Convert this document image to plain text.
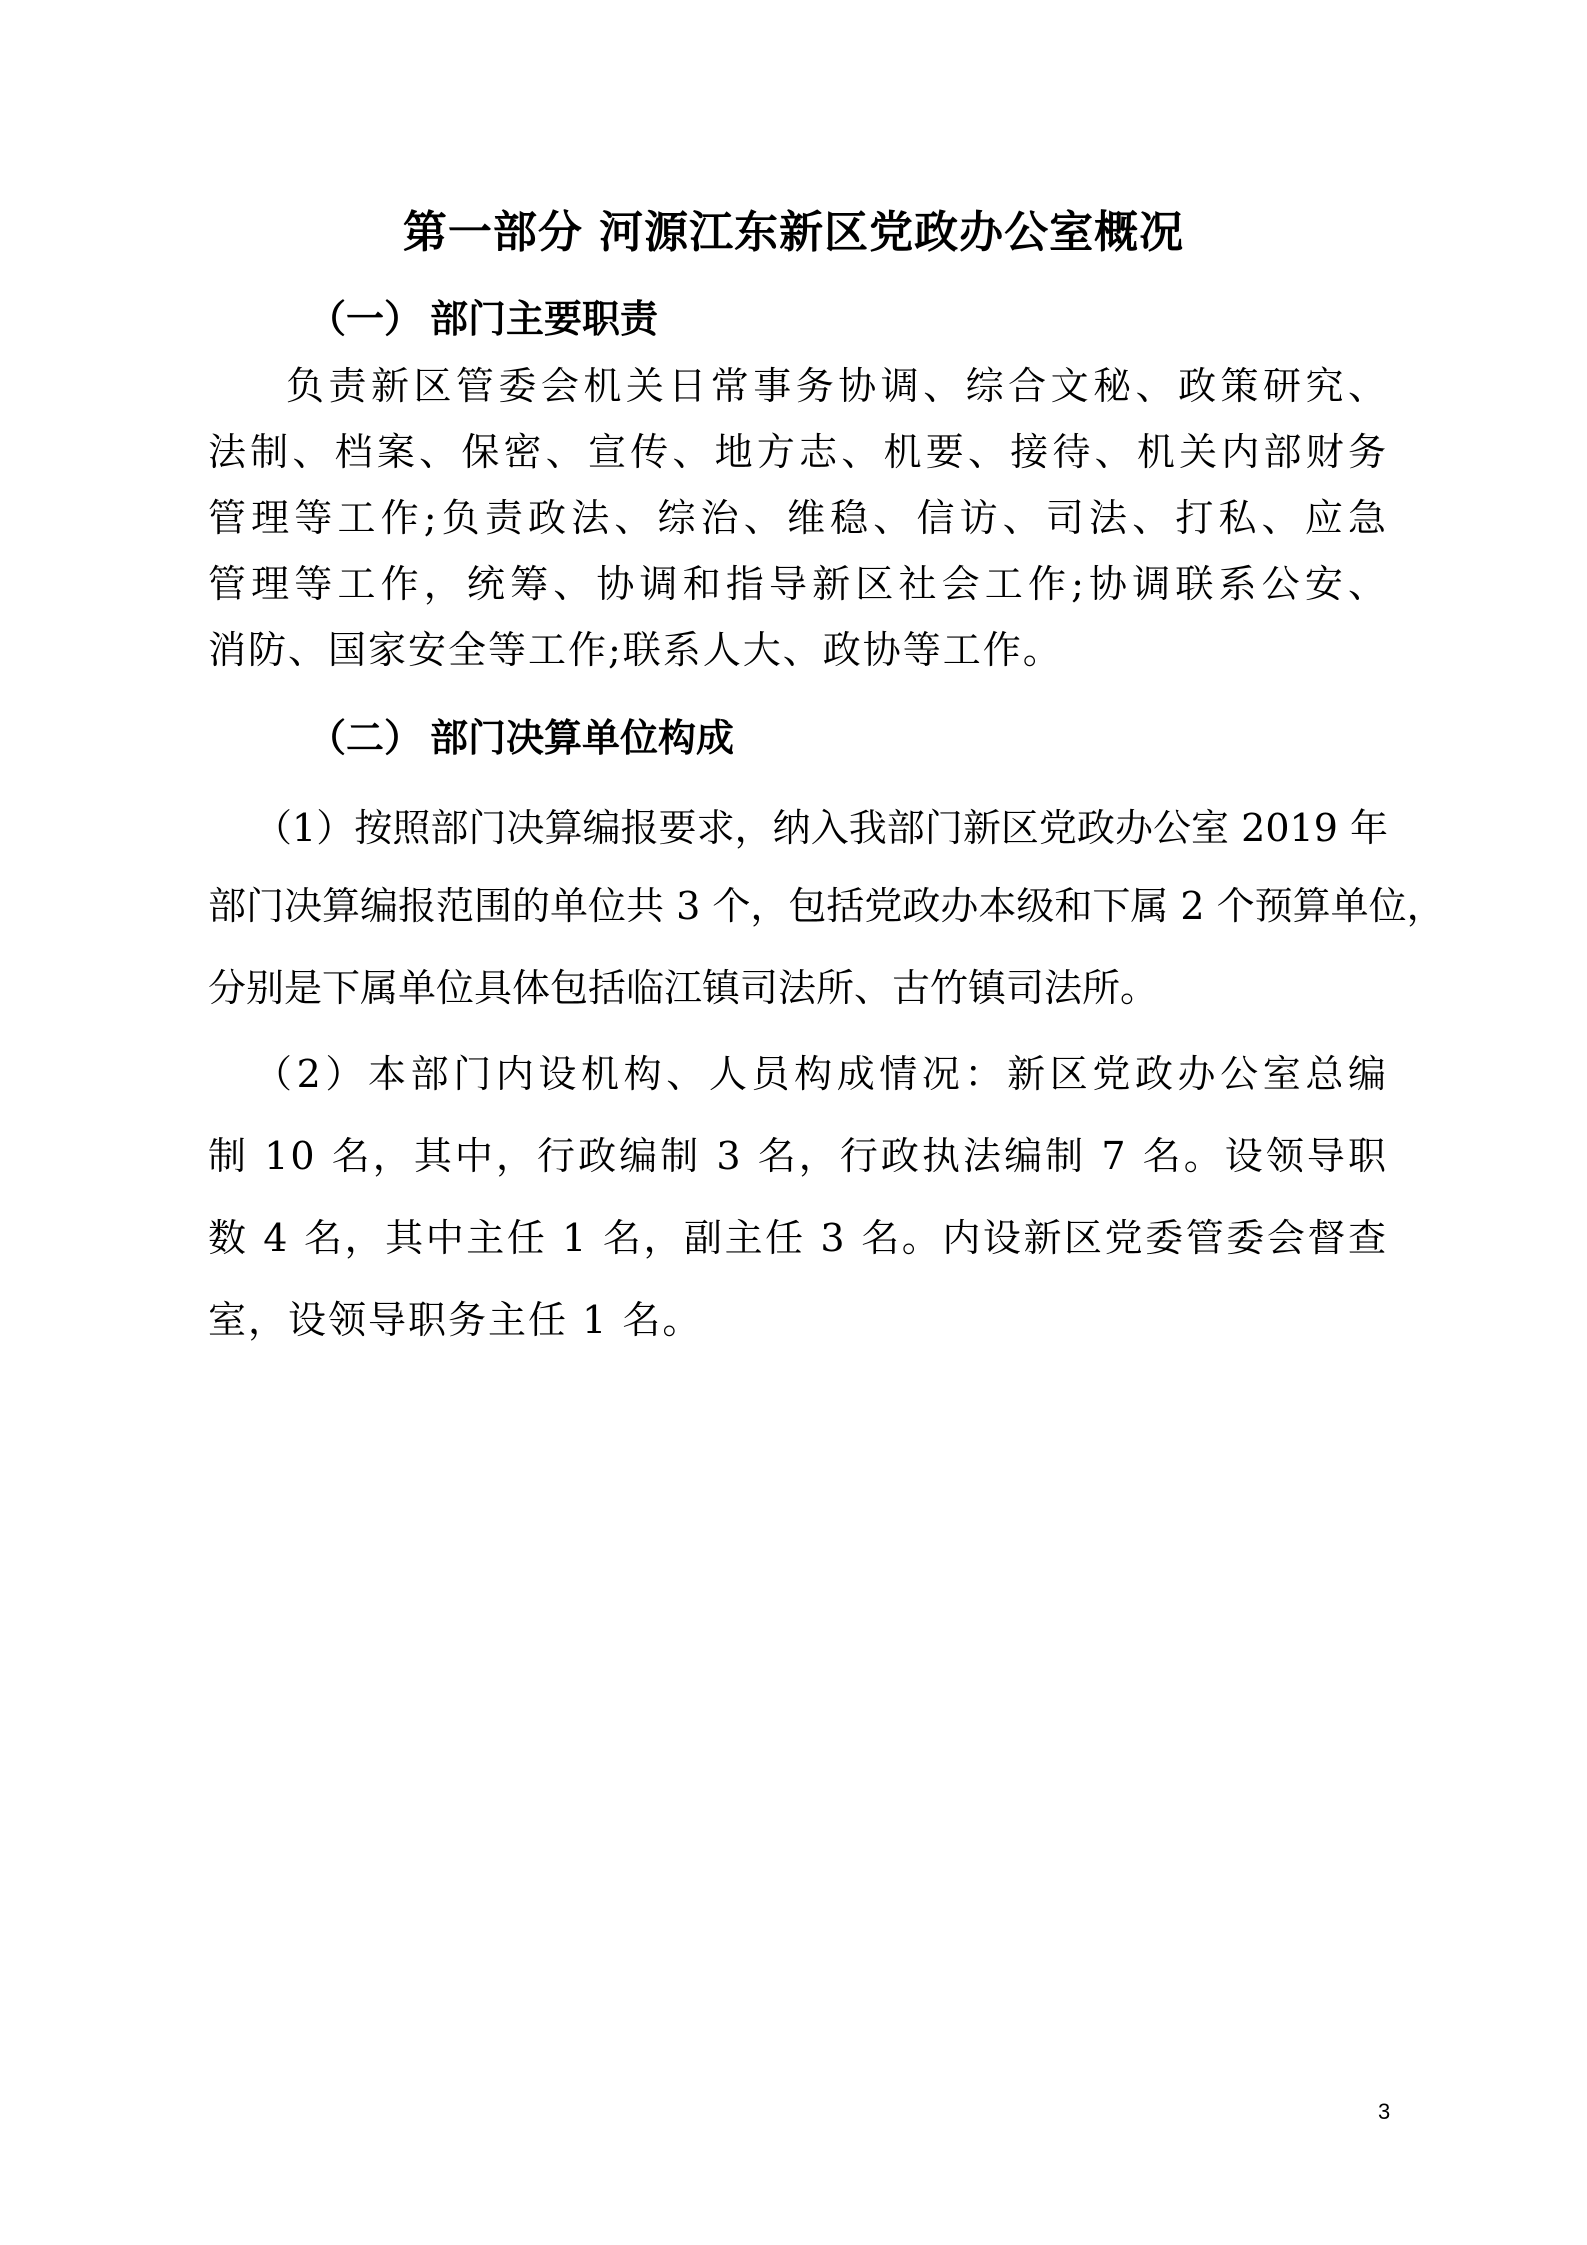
第一部分 河源江东新区党政办公室概况
（一） 部门主要职责
负责新区管委会机关日常事务协调、综合文秘、政策研究、
法制、档案、保密、宣传、地方志、机要、接待、机关内部财务
管理等工作;负责政法、综治、维稳、信访、司法、打私、应急
管理等工作，统筹、协调和指导新区社会工作;协调联系公安、
消防、国家安全等工作;联系人大、政协等工作。
（二） 部门决算单位构成
（1）按照部门决算编报要求，纳入我部门新区党政办公室 2019 年
部门决算编报范围的单位共 3 个，包括党政办本级和下属 2 个预算单位，
分别是下属单位具体包括临江镇司法所、古竹镇司法所。
（2）本部门内设机构、人员构成情况：新区党政办公室总编
制 10 名，其中，行政编制 3 名，行政执法编制 7 名。设领导职
数 4 名，其中主任 1 名，副主任 3 名。内设新区党委管委会督查
室，设领导职务主任 1 名。
3
